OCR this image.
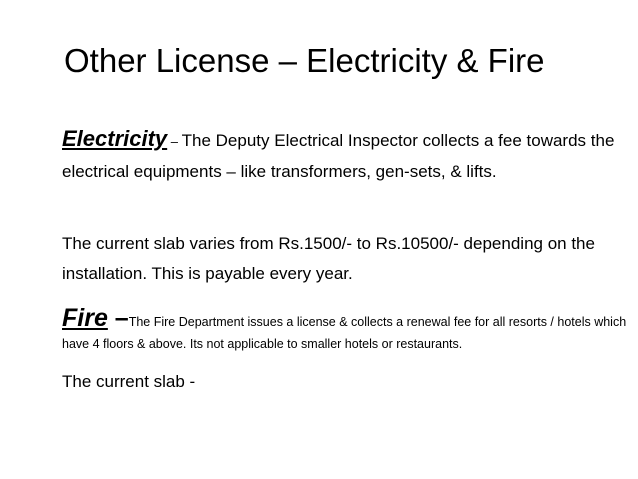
Other License – Electricity & Fire
Electricity – The Deputy Electrical Inspector collects a fee towards the electrical equipments – like transformers, gen-sets, & lifts.
The current slab varies from Rs.1500/- to Rs.10500/- depending on the installation. This is payable every year.
Fire –The Fire Department issues a license & collects a renewal fee for all resorts / hotels which have 4 floors & above. Its not applicable to smaller hotels or restaurants.
The current slab -
